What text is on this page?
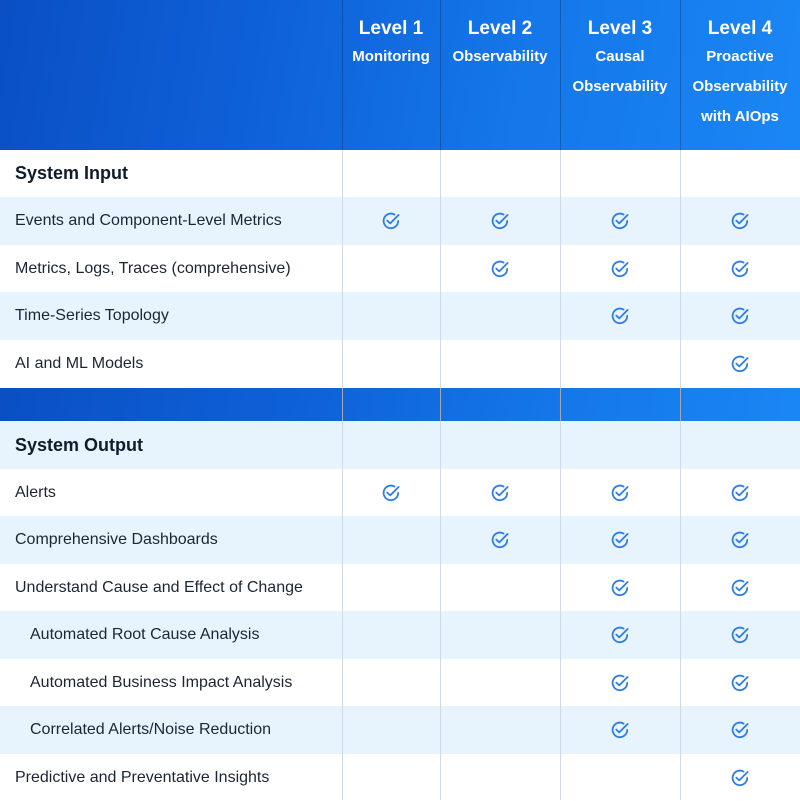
Level 1
Monitoring
Level 2
Observability
Level 3
Causal
Observability
Level 4
Proactive
Observability
with AIOps
System Input
Events and Component-Level Metrics
Metrics, Logs, Traces (comprehensive)
Time-Series Topology
AI and ML Models
System Output
Alerts
Comprehensive Dashboards
Understand Cause and Effect of Change
Automated Root Cause Analysis
Automated Business Impact Analysis
Correlated Alerts/Noise Reduction
Predictive and Preventative Insights
